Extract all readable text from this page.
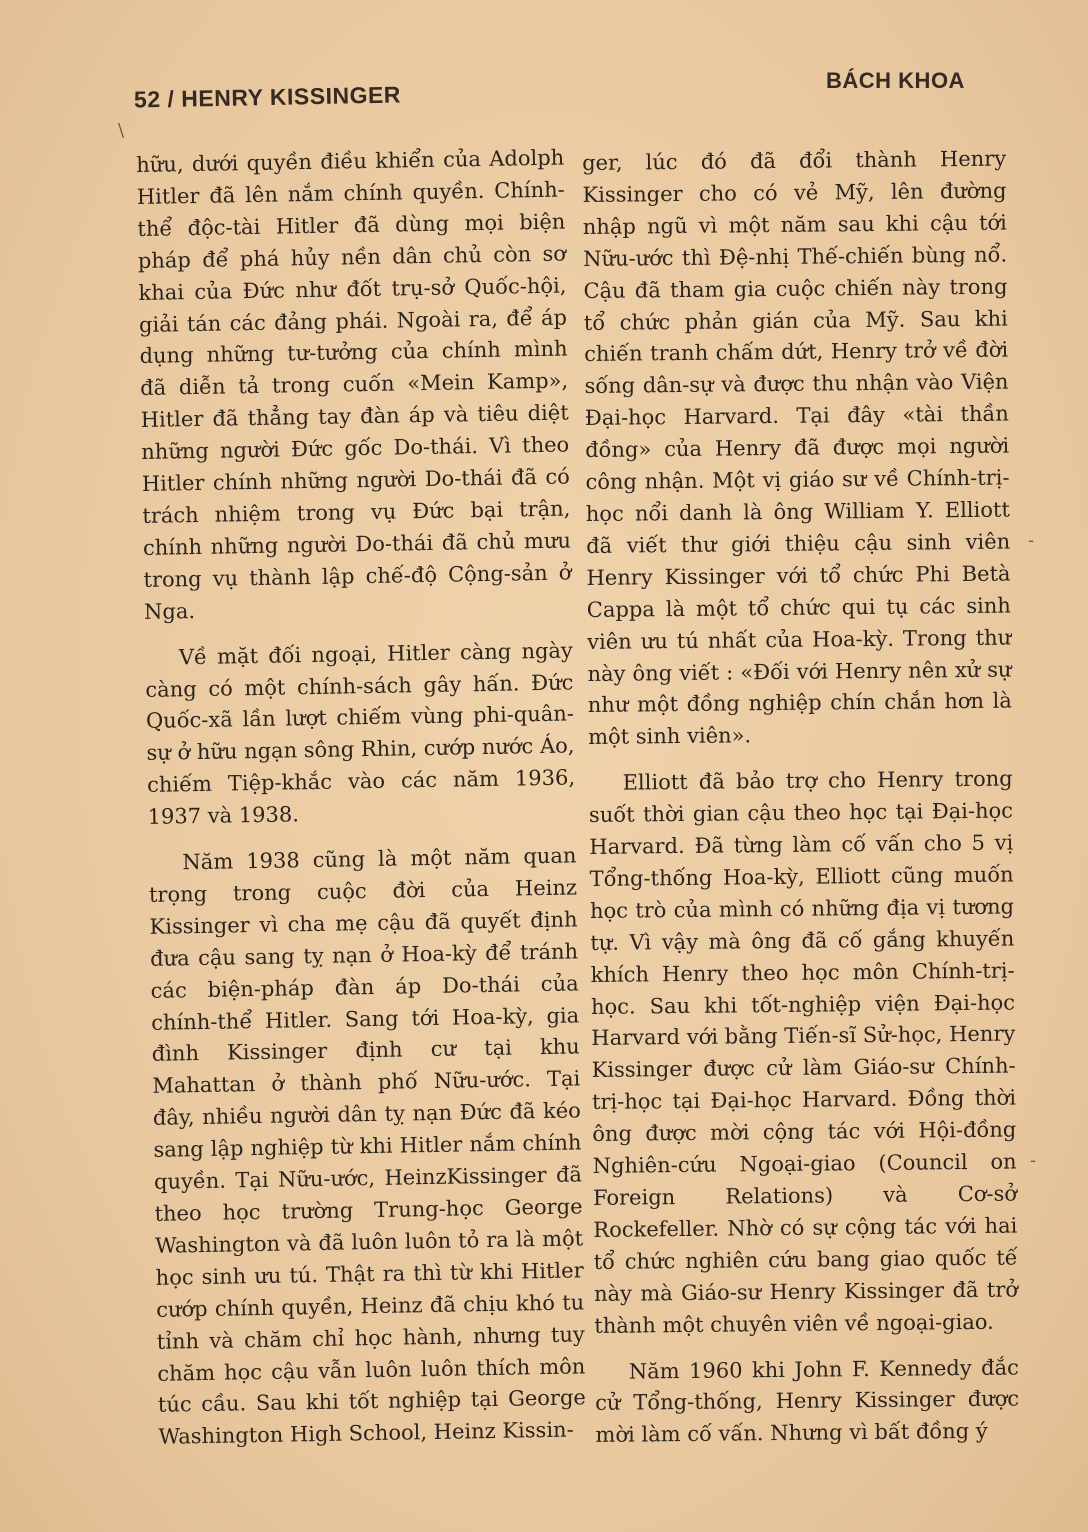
52 / HENRY KISSINGER
BÁCH KHOA

hữu, dưới quyền điều khiển của Adolph Hitler đã lên nắm chính quyền. Chính-thể độc-tài Hitler đã dùng mọi biện pháp để phá hủy nền dân chủ còn sơ khai của Đức như đốt trụ-sở Quốc-hội, giải tán các đảng phái. Ngoài ra, để áp dụng những tư-tưởng của chính mình đã diễn tả trong cuốn «Mein Kamp», Hitler đã thẳng tay đàn áp và tiêu diệt những người Đức gốc Do-thái. Vì theo Hitler chính những người Do-thái đã có trách nhiệm trong vụ Đức bại trận, chính những người Do-thái đã chủ mưu trong vụ thành lập chế-độ Cộng-sản ở Nga.

Về mặt đối ngoại, Hitler càng ngày càng có một chính-sách gây hấn. Đức Quốc-xã lần lượt chiếm vùng phi-quân-sự ở hữu ngạn sông Rhin, cướp nước Áo, chiếm Tiệp-khắc vào các năm 1936, 1937 và 1938.

Năm 1938 cũng là một năm quan trọng trong cuộc đời của Heinz Kissinger vì cha mẹ cậu đã quyết định đưa cậu sang tỵ nạn ở Hoa-kỳ để tránh các biện-pháp đàn áp Do-thái của chính-thể Hitler. Sang tới Hoa-kỳ, gia đình Kissinger định cư tại khu Mahattan ở thành phố Nữu-ước. Tại đây, nhiều người dân tỵ nạn Đức đã kéo sang lập nghiệp từ khi Hitler nắm chính quyền. Tại Nữu-ước, HeinzKissinger đã theo học trường Trung-học George Washington và đã luôn luôn tỏ ra là một học sinh ưu tú. Thật ra thì từ khi Hitler cướp chính quyền, Heinz đã chịu khó tu tỉnh và chăm chỉ học hành, nhưng tuy chăm học cậu vẫn luôn luôn thích môn túc cầu. Sau khi tốt nghiệp tại George Washington High School, Heinz Kissin-

ger, lúc đó đã đổi thành Henry Kissinger cho có vẻ Mỹ, lên đường nhập ngũ vì một năm sau khi cậu tới Nữu-ước thì Đệ-nhị Thế-chiến bùng nổ. Cậu đã tham gia cuộc chiến này trong tổ chức phản gián của Mỹ. Sau khi chiến tranh chấm dứt, Henry trở về đời sống dân-sự và được thu nhận vào Viện Đại-học Harvard. Tại đây «tài thần đồng» của Henry đã được mọi người công nhận. Một vị giáo sư về Chính-trị-học nổi danh là ông William Y. Elliott đã viết thư giới thiệu cậu sinh viên Henry Kissinger với tổ chức Phi Betà Cappa là một tổ chức qui tụ các sinh viên ưu tú nhất của Hoa-kỳ. Trong thư này ông viết : «Đối với Henry nên xử sự như một đồng nghiệp chín chắn hơn là một sinh viên».

Elliott đã bảo trợ cho Henry trong suốt thời gian cậu theo học tại Đại-học Harvard. Đã từng làm cố vấn cho 5 vị Tổng-thống Hoa-kỳ, Elliott cũng muốn học trò của mình có những địa vị tương tự. Vì vậy mà ông đã cố gắng khuyến khích Henry theo học môn Chính-trị-học. Sau khi tốt-nghiệp viện Đại-học Harvard với bằng Tiến-sĩ Sử-học, Henry Kissinger được cử làm Giáo-sư Chính-trị-học tại Đại-học Harvard. Đồng thời ông được mời cộng tác với Hội-đồng Nghiên-cứu Ngoại-giao (Council on Foreign Relations) và Cơ-sở Rockefeller. Nhờ có sự cộng tác với hai tổ chức nghiên cứu bang giao quốc tế này mà Giáo-sư Henry Kissinger đã trở thành một chuyên viên về ngoại-giao.

Năm 1960 khi John F. Kennedy đắc cử Tổng-thống, Henry Kissinger được mời làm cố vấn. Nhưng vì bất đồng ý

\
-
-
